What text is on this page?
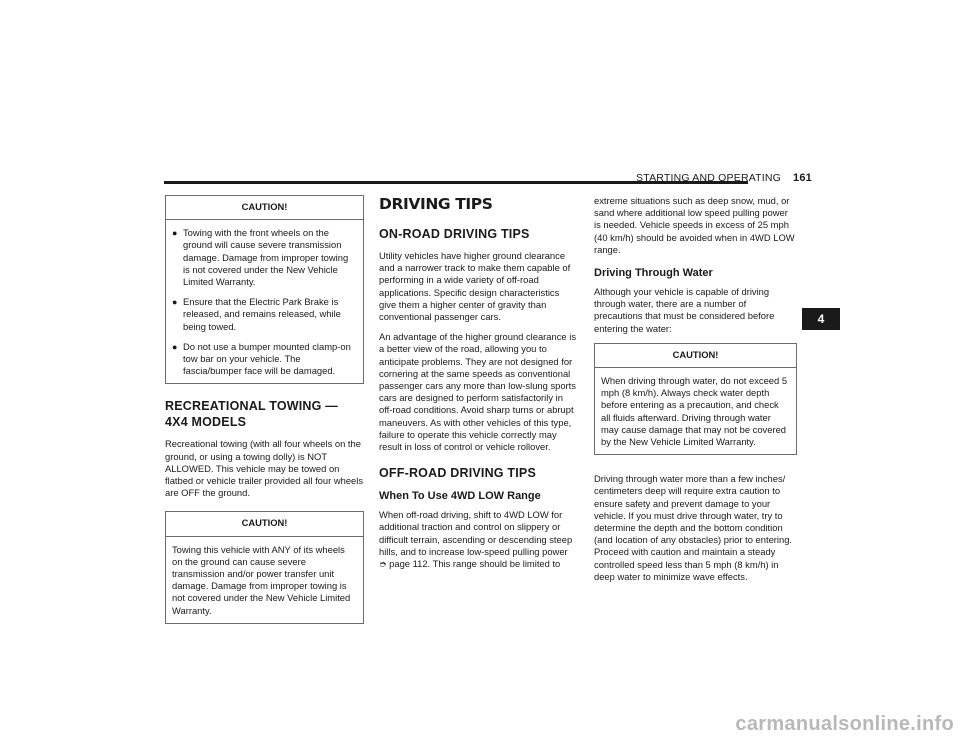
STARTING AND OPERATING 161
4
CAUTION!
● Towing with the front wheels on the ground will cause severe transmission damage. Damage from improper towing is not covered under the New Vehicle Limited Warranty.
● Ensure that the Electric Park Brake is released, and remains released, while being towed.
● Do not use a bumper mounted clamp-on tow bar on your vehicle. The fascia/bumper face will be damaged.
RECREATIONAL TOWING — 4X4 MODELS

Recreational towing (with all four wheels on the ground, or using a towing dolly) is NOT ALLOWED. This vehicle may be towed on flatbed or vehicle trailer provided all four wheels are OFF the ground.

CAUTION!

Towing this vehicle with ANY of its wheels on the ground can cause severe transmission and/or power transfer unit damage. Damage from improper towing is not covered under the New Vehicle Limited Warranty.

DRIVING TIPS
ON-ROAD DRIVING TIPS

Utility vehicles have higher ground clearance and a narrower track to make them capable of performing in a wide variety of off-road applications. Specific design characteristics give them a higher center of gravity than conventional passenger cars.

An advantage of the higher ground clearance is a better view of the road, allowing you to anticipate problems. They are not designed for cornering at the same speeds as conventional passenger cars any more than low-slung sports cars are designed to perform satisfactorily in off-road conditions. Avoid sharp turns or abrupt maneuvers. As with other vehicles of this type, failure to operate this vehicle correctly may result in loss of control or vehicle rollover.

OFF-ROAD DRIVING TIPS
When To Use 4WD LOW Range

When off-road driving, shift to 4WD LOW for additional traction and control on slippery or difficult terrain, ascending or descending steep hills, and to increase low-speed pulling power
➮ page 112. This range should be limited to

extreme situations such as deep snow, mud, or sand where additional low speed pulling power is needed. Vehicle speeds in excess of 25 mph (40 km/h) should be avoided when in 4WD LOW range.

Driving Through Water

Although your vehicle is capable of driving through water, there are a number of precautions that must be considered before entering the water:

CAUTION!

When driving through water, do not exceed 5 mph (8 km/h). Always check water depth before entering as a precaution, and check all fluids afterward. Driving through water may cause damage that may not be covered by the New Vehicle Limited Warranty.

Driving through water more than a few inches/ centimeters deep will require extra caution to ensure safety and prevent damage to your vehicle. If you must drive through water, try to determine the depth and the bottom condition (and location of any obstacles) prior to entering. Proceed with caution and maintain a steady controlled speed less than 5 mph (8 km/h) in deep water to minimize wave effects.

carmanualsonline.info
